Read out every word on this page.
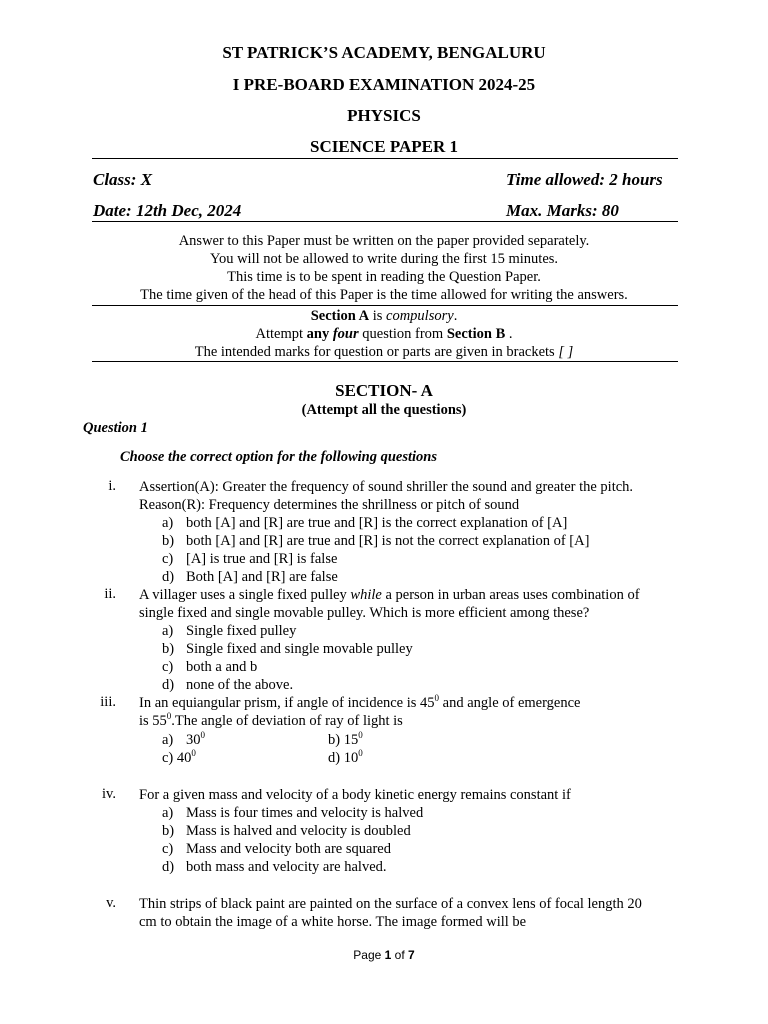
ST PATRICK’S ACADEMY, BENGALURU
I PRE-BOARD EXAMINATION 2024-25
PHYSICS
SCIENCE PAPER 1
Class: X	Time allowed: 2 hours
Date: 12th Dec, 2024	Max. Marks: 80
Answer to this Paper must be written on the paper provided separately.
You will not be allowed to write during the first 15 minutes.
This time is to be spent in reading the Question Paper.
The time given of the head of this Paper is the time allowed for writing the answers.
Section A is compulsory.
Attempt any four question from Section B .
The intended marks for question or parts are given in brackets [ ]
SECTION- A
(Attempt all the questions)
Question 1
Choose the correct option for the following questions
i. Assertion(A): Greater the frequency of sound shriller the sound and greater the pitch.
Reason(R): Frequency determines the shrillness or pitch of sound
a) both [A] and [R] are true and [R] is the correct explanation of [A]
b) both [A] and [R] are true and [R] is not the correct explanation of [A]
c) [A] is true and [R] is false
d) Both [A] and [R] are false
ii. A villager uses a single fixed pulley while a person in urban areas uses combination of
single fixed and single movable pulley. Which is more efficient among these?
a) Single fixed pulley
b) Single fixed and single movable pulley
c) both a and b
d) none of the above.
iii. In an equiangular prism, if angle of incidence is $45^0$ and angle of emergence
is $55^0.The$ angle of deviation of ray of light is
a) $30^0$	b) $15^0$
c) $40^0$	d) $10^0$
iv. For a given mass and velocity of a body kinetic energy remains constant if
a) Mass is four times and velocity is halved
b) Mass is halved and velocity is doubled
c) Mass and velocity both are squared
d) both mass and velocity are halved.
v. Thin strips of black paint are painted on the surface of a convex lens of focal length 20
cm to obtain the image of a white horse. The image formed will be
Page 1 of 7
